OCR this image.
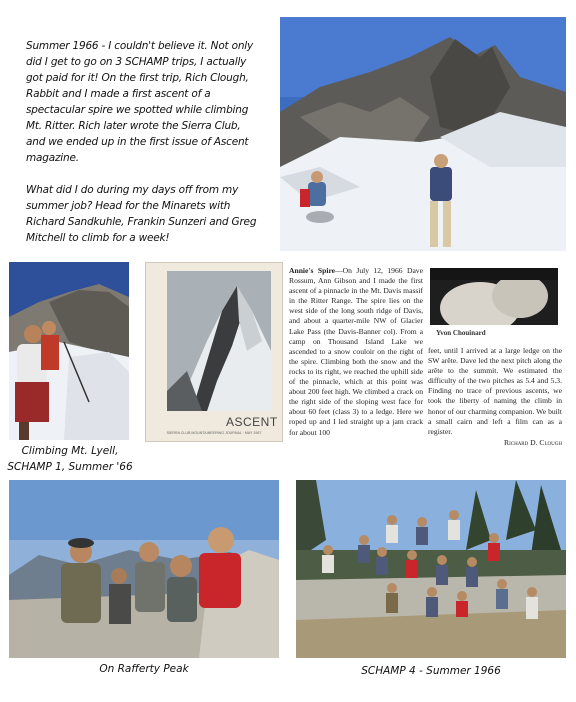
Summer 1966 - I couldn't believe it. Not only did I get to go on 3 SCHAMP trips, I actually got paid for it! On the first trip, Rich Clough, Rabbit and I made a first ascent of a spectacular spire we spotted while climbing Mt. Ritter. Rich later wrote the Sierra Club, and we ended up in the first issue of Ascent magazine.

What did I do during my days off from my summer job? Head for the Minarets with Richard Sandkuhle, Frankin Sunzeri and Greg Mitchell to climb for a week!

Climbing Mt. Lyell,
SCHAMP 1, Summer '66
ASCENT
SIERRA CLUB MOUNTAINEERING JOURNAL · MAY 1967
Annie's Spire—On July 12, 1966 Dave Rossum, Ann Gibson and I made the first ascent of a pinnacle in the Mt. Davis massif in the Ritter Range. The spire lies on the west side of the long south ridge of Davis, and about a quarter-mile NW of Glacier Lake Pass (the Davis-Banner col). From a camp on Thousand Island Lake we ascended to a snow couloir on the right of the spire. Climbing both the snow and the rocks to its right, we reached the uphill side of the pinnacle, which at this point was about 200 feet high. We climbed a crack on the right side of the sloping west face for about 60 feet (class 3) to a ledge. Here we roped up and I led straight up a jam crack for about 100
Yvon Chouinard
feet, until I arrived at a large ledge on the SW arête. Dave led the next pitch along the arête to the summit. We estimated the difficulty of the two pitches as 5.4 and 5.3. Finding no trace of previous ascents, we took the liberty of naming the climb in honor of our charming companion. We built a small cairn and left a film can as a register.
Richard D. Clough
On Rafferty Peak	SCHAMP 4 - Summer 1966
